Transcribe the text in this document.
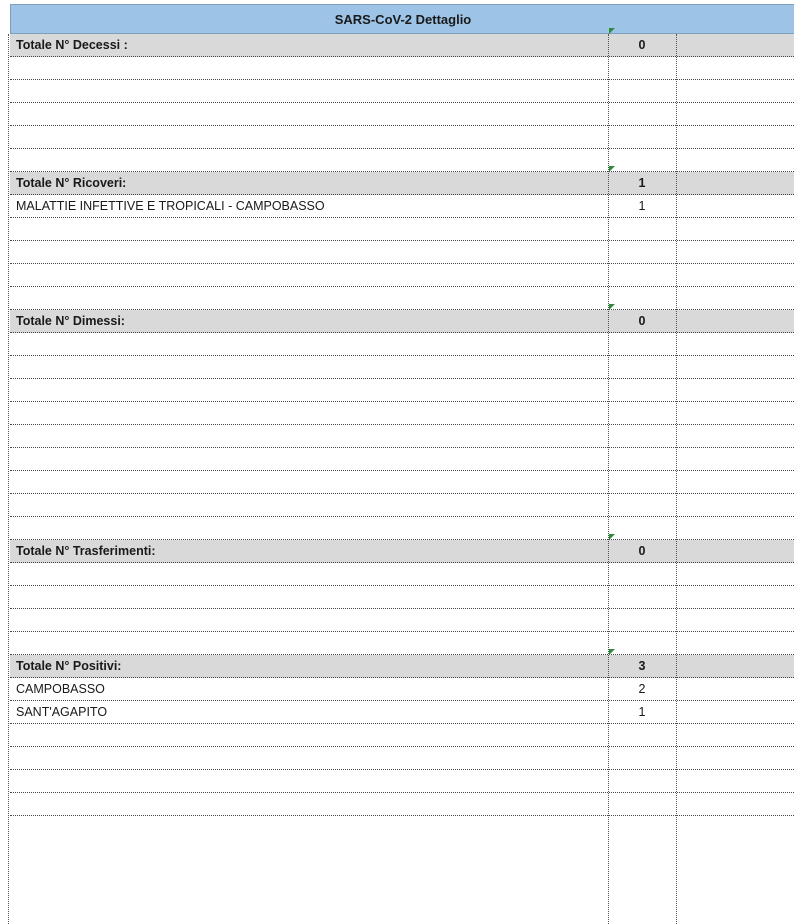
SARS-CoV-2 Dettaglio
Totale N° Decessi :	0
Totale N° Ricoveri:	1
MALATTIE INFETTIVE E TROPICALI - CAMPOBASSO	1
Totale N° Dimessi:	0
Totale N° Trasferimenti:	0
Totale N° Positivi:	3
CAMPOBASSO	2
SANT'AGAPITO	1
